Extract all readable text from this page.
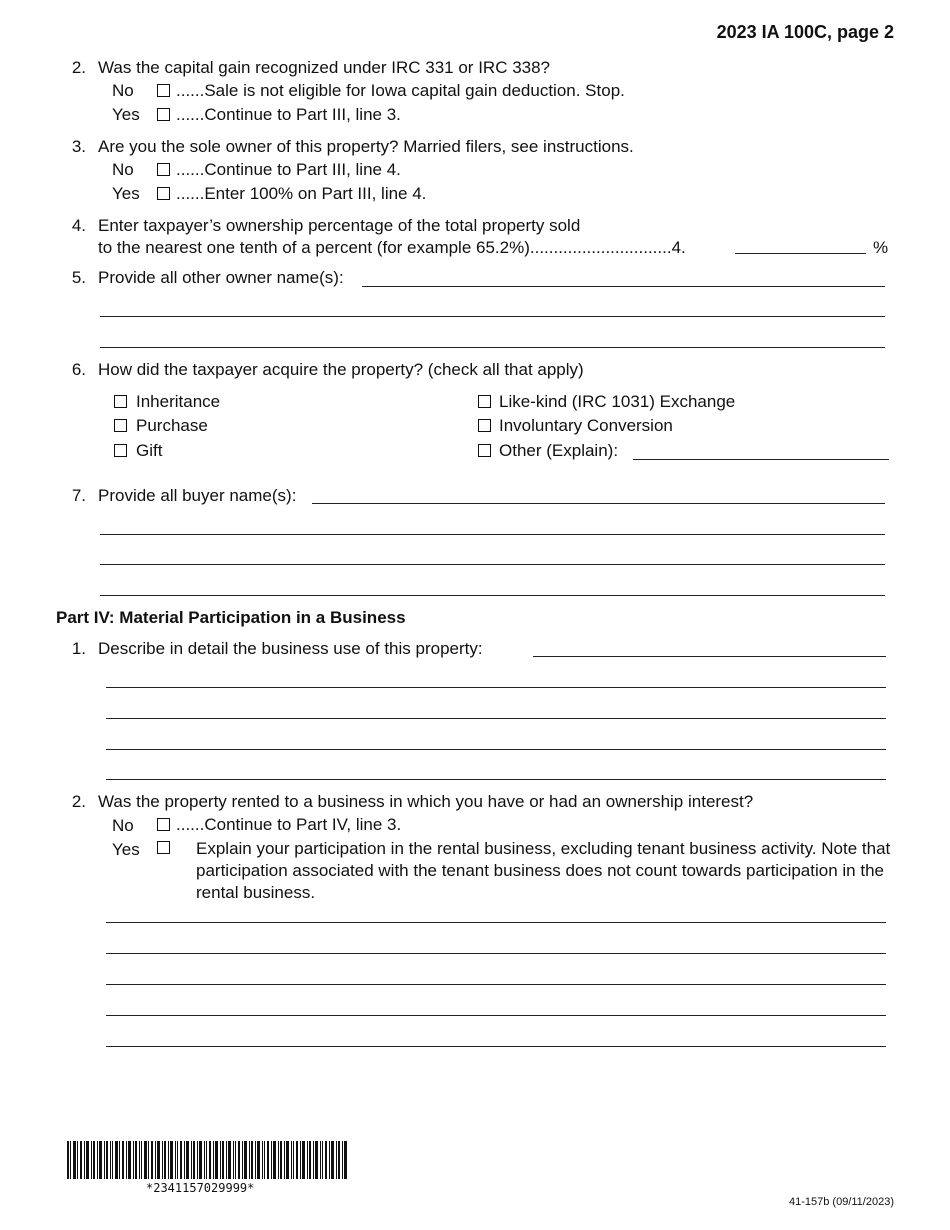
2023 IA 100C, page 2
2. Was the capital gain recognized under IRC 331 or IRC 338?
No ......Sale is not eligible for Iowa capital gain deduction. Stop.
Yes ......Continue to Part III, line 3.
3. Are you the sole owner of this property? Married filers, see instructions.
No ......Continue to Part III, line 4.
Yes ......Enter 100% on Part III, line 4.
4. Enter taxpayer’s ownership percentage of the total property sold
to the nearest one tenth of a percent (for example 65.2%)..............................4.	%
5. Provide all other owner name(s):
6. How did the taxpayer acquire the property? (check all that apply)
Inheritance
Purchase
Gift
Like-kind (IRC 1031) Exchange
Involuntary Conversion
Other (Explain):
7. Provide all buyer name(s):
Part IV: Material Participation in a Business
1. Describe in detail the business use of this property:
2. Was the property rented to a business in which you have or had an ownership interest?
No ......Continue to Part IV, line 3.
Yes	Explain your participation in the rental business, excluding tenant business activity. Note that participation associated with the tenant business does not count towards participation in the rental business.
*2341157029999*
41-157b (09/11/2023)
